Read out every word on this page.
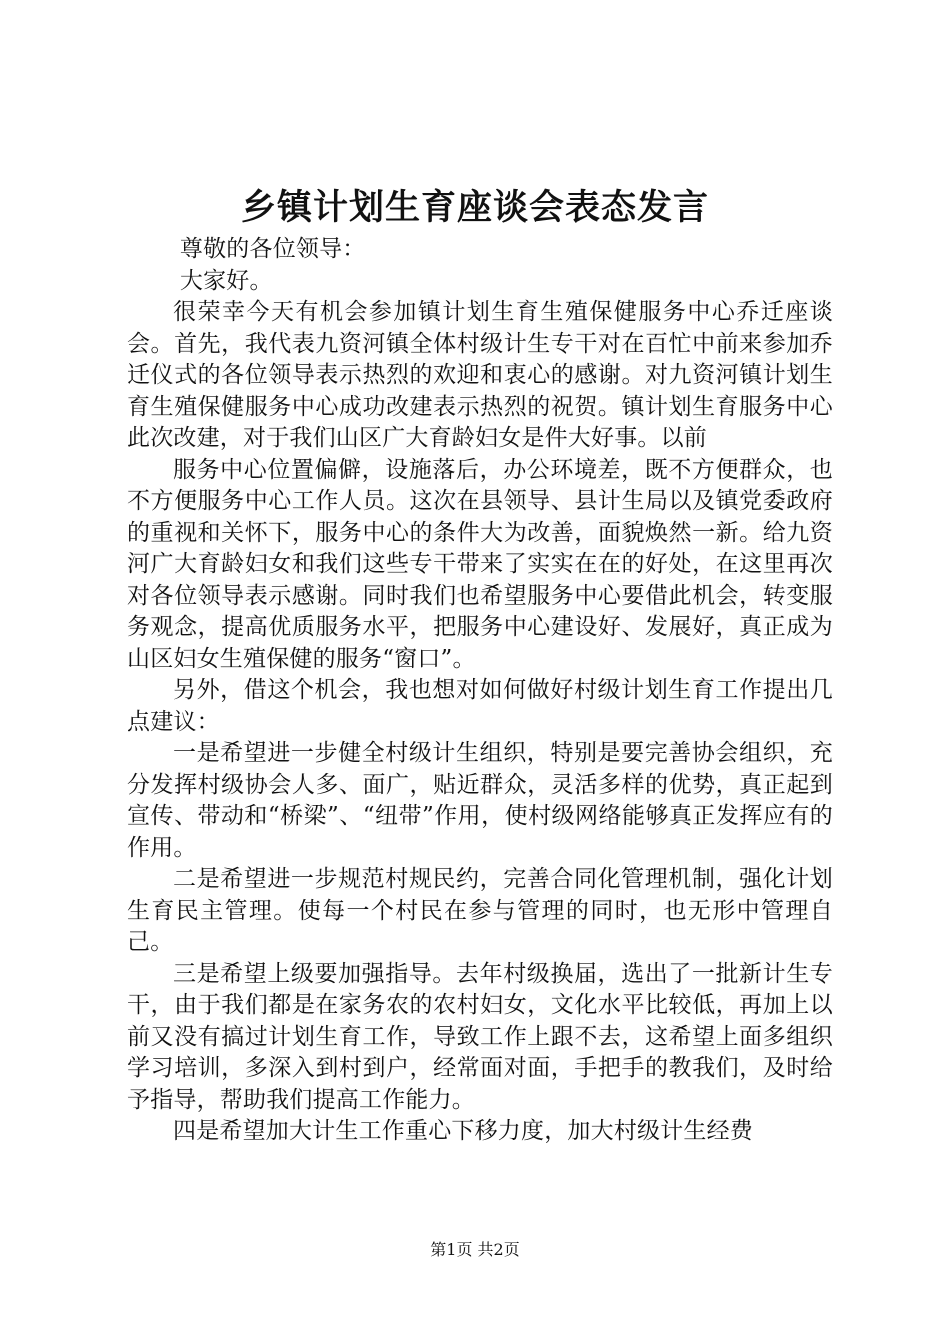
乡镇计划生育座谈会表态发言

尊敬的各位领导：

大家好。

很荣幸今天有机会参加镇计划生育生殖保健服务中心乔迁座谈会。首先，我代表九资河镇全体村级计生专干对在百忙中前来参加乔迁仪式的各位领导表示热烈的欢迎和衷心的感谢。对九资河镇计划生育生殖保健服务中心成功改建表示热烈的祝贺。镇计划生育服务中心此次改建，对于我们山区广大育龄妇女是件大好事。以前

服务中心位置偏僻，设施落后，办公环境差，既不方便群众，也不方便服务中心工作人员。这次在县领导、县计生局以及镇党委政府的重视和关怀下，服务中心的条件大为改善，面貌焕然一新。给九资河广大育龄妇女和我们这些专干带来了实实在在的好处，在这里再次对各位领导表示感谢。同时我们也希望服务中心要借此机会，转变服务观念，提高优质服务水平，把服务中心建设好、发展好，真正成为山区妇女生殖保健的服务“窗口”。

另外，借这个机会，我也想对如何做好村级计划生育工作提出几点建议：

一是希望进一步健全村级计生组织，特别是要完善协会组织，充分发挥村级协会人多、面广，贴近群众，灵活多样的优势，真正起到宣传、带动和“桥梁”、“纽带”作用，使村级网络能够真正发挥应有的作用。

二是希望进一步规范村规民约，完善合同化管理机制，强化计划生育民主管理。使每一个村民在参与管理的同时，也无形中管理自己。

三是希望上级要加强指导。去年村级换届，选出了一批新计生专干，由于我们都是在家务农的农村妇女，文化水平比较低，再加上以前又没有搞过计划生育工作，导致工作上跟不去，这希望上面多组织学习培训，多深入到村到户，经常面对面，手把手的教我们，及时给予指导，帮助我们提高工作能力。

四是希望加大计生工作重心下移力度，加大村级计生经费

第1页 共2页
